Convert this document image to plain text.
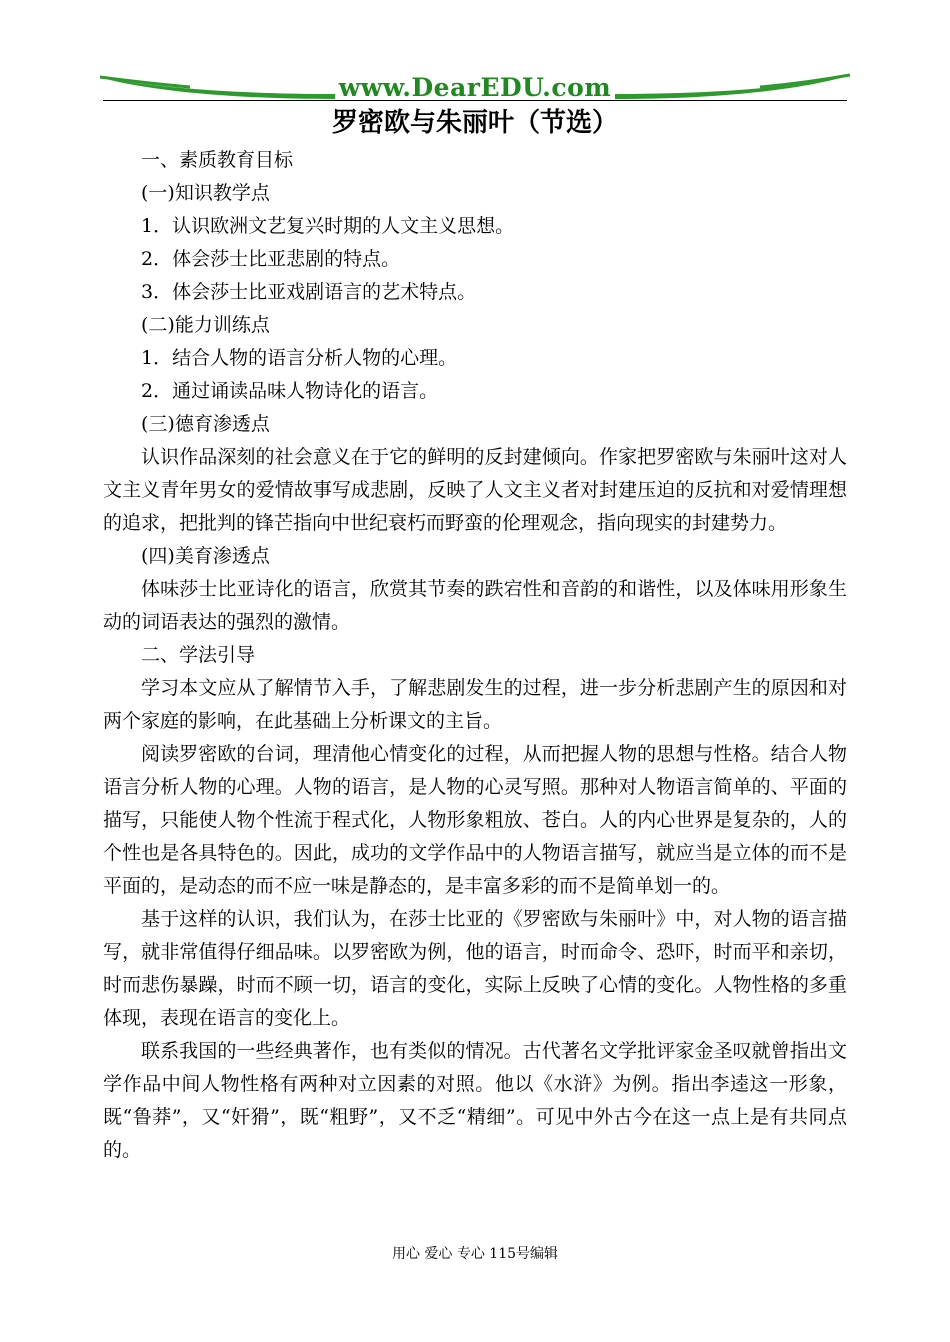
www.DearEDU.com
罗密欧与朱丽叶（节选）

一、素质教育目标

(一)知识教学点

1．认识欧洲文艺复兴时期的人文主义思想。

2．体会莎士比亚悲剧的特点。

3．体会莎士比亚戏剧语言的艺术特点。

(二)能力训练点

1．结合人物的语言分析人物的心理。

2．通过诵读品味人物诗化的语言。

(三)德育渗透点

认识作品深刻的社会意义在于它的鲜明的反封建倾向。作家把罗密欧与朱丽叶这对人文主义青年男女的爱情故事写成悲剧，反映了人文主义者对封建压迫的反抗和对爱情理想的追求，把批判的锋芒指向中世纪衰朽而野蛮的伦理观念，指向现实的封建势力。

(四)美育渗透点

体味莎士比亚诗化的语言，欣赏其节奏的跌宕性和音韵的和谐性，以及体味用形象生动的词语表达的强烈的激情。

二、学法引导

学习本文应从了解情节入手，了解悲剧发生的过程，进一步分析悲剧产生的原因和对两个家庭的影响，在此基础上分析课文的主旨。

阅读罗密欧的台词，理清他心情变化的过程，从而把握人物的思想与性格。结合人物语言分析人物的心理。人物的语言，是人物的心灵写照。那种对人物语言简单的、平面的描写，只能使人物个性流于程式化，人物形象粗放、苍白。人的内心世界是复杂的，人的个性也是各具特色的。因此，成功的文学作品中的人物语言描写，就应当是立体的而不是平面的，是动态的而不应一味是静态的，是丰富多彩的而不是简单划一的。

基于这样的认识，我们认为，在莎士比亚的《罗密欧与朱丽叶》中，对人物的语言描写，就非常值得仔细品味。以罗密欧为例，他的语言，时而命令、恐吓，时而平和亲切，时而悲伤暴躁，时而不顾一切，语言的变化，实际上反映了心情的变化。人物性格的多重体现，表现在语言的变化上。

联系我国的一些经典著作，也有类似的情况。古代著名文学批评家金圣叹就曾指出文学作品中间人物性格有两种对立因素的对照。他以《水浒》为例。指出李逵这一形象，既“鲁莽”，又“奸猾”，既“粗野”，又不乏“精细”。可见中外古今在这一点上是有共同点的。

用心 爱心 专心 115号编辑
